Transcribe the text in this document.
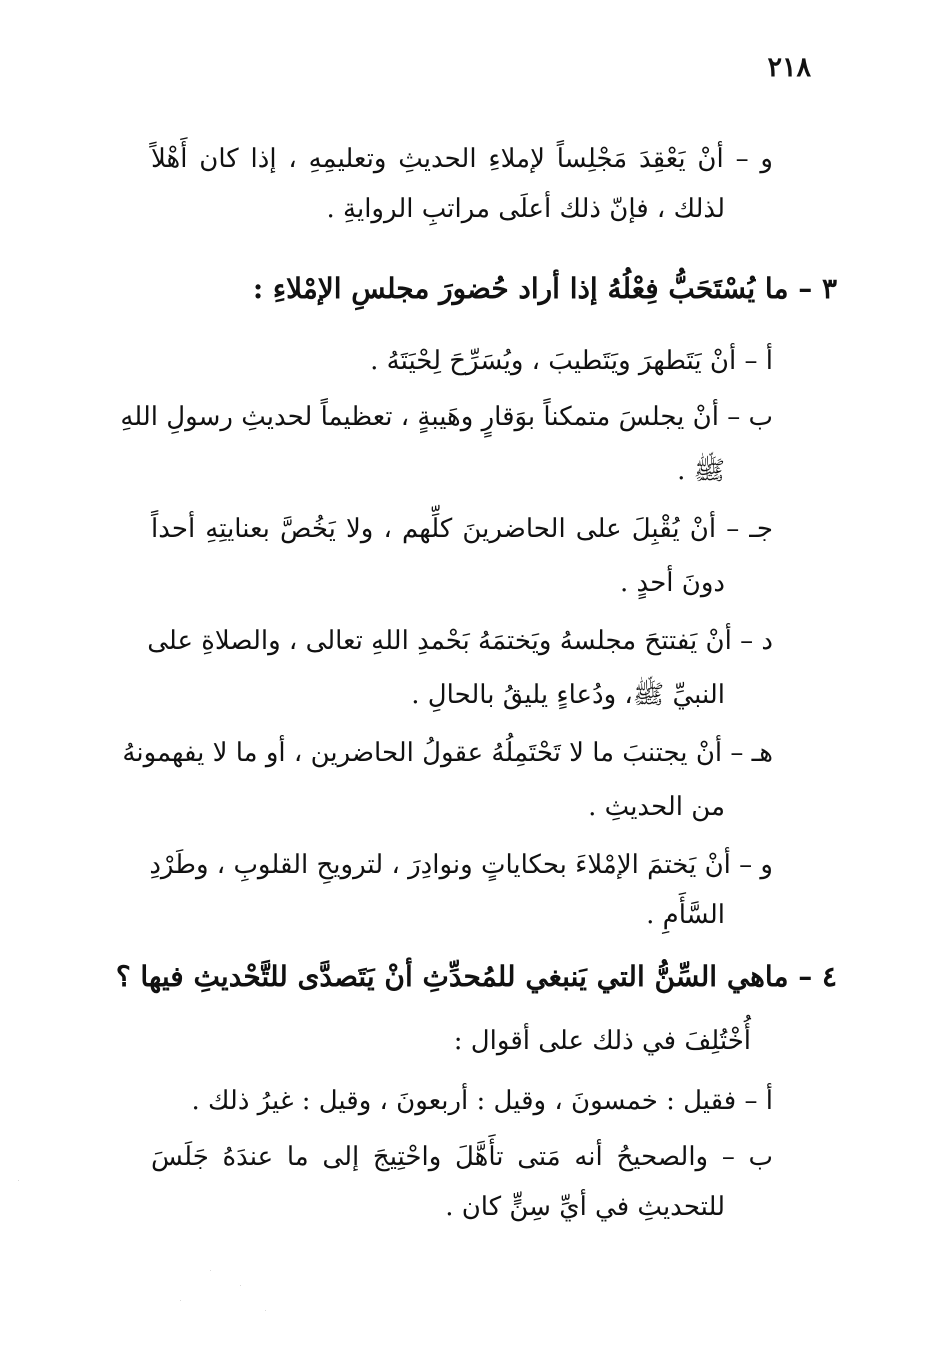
٢١٨
و – أنْ يَعْقِدَ مَجْلِساً لإملاءِ الحديثِ وتعليمِهِ ، إذا كان أَهْلاً
لذلك ، فإنّ ذلك أعلَى مراتبِ الروايةِ .
٣ – ما يُسْتَحَبُّ فِعْلُهُ إذا أراد حُضورَ مجلسِ الإمْلاءِ :
أ – أنْ يَتَطهرَ ويَتَطيبَ ، ويُسَرِّحَ لِحْيَتَهُ .
ب – أنْ يجلسَ متمكناً بوَقارٍ وهَيبةٍ ، تعظيماً لحديثِ رسولِ اللهِ
ﷺ .
جـ – أنْ يُقْبِلَ على الحاضرينَ كلِّهم ، ولا يَخُصَّ بعنايتِهِ أحداً
دونَ أحدٍ .
د – أنْ يَفتتحَ مجلسهُ ويَختمَهُ بَحْمدِ اللهِ تعالى ، والصلاةِ على
النبيِّ ﷺ، ودُعاءٍ يليقُ بالحالِ .
هـ – أنْ يجتنبَ ما لا تَحْتَمِلُهُ عقولُ الحاضرين ، أو ما لا يفهمونهُ
من الحديثِ .
و – أنْ يَختمَ الإمْلاءَ بحكاياتٍ ونوادِرَ ، لترويحِ القلوبِ ، وطَرْدِ
السَّأَمِ .
٤ – ماهي السِّنُّ التي يَنبغي للمُحدِّثِ أنْ يَتَصدَّى للتَّحْديثِ فيها ؟
أُخْتُلِفَ في ذلك على أقوال :
أ – فقيل : خمسونَ ، وقيل : أربعونَ ، وقيل : غيرُ ذلك .
ب – والصحيحُ أنه مَتى تأَهَّلَ واحْتِيجَ إلى ما عندَهُ جَلَسَ
للتحديثِ في أيِّ سِنٍّ كان .
